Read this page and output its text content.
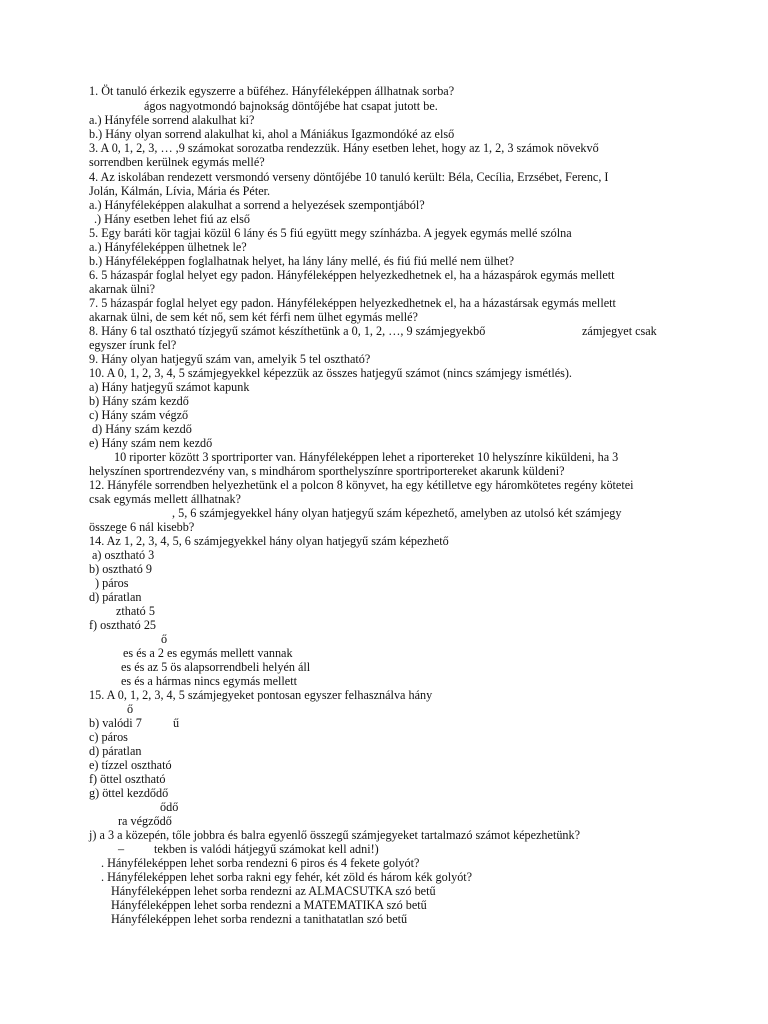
1. Öt tanuló érkezik egyszerre a büféhez. Hányféleképpen állhatnak sorba?
ágos nagyotmondó bajnokság döntőjébe hat csapat jutott be.
a.) Hányféle sorrend alakulhat ki?
b.) Hány olyan sorrend alakulhat ki, ahol a Mániákus Igazmondóké az első
3. A 0, 1, 2, 3, … ,9 számokat sorozatba rendezzük. Hány esetben lehet, hogy az 1, 2, 3 számok növekvő
sorrendben kerülnek egymás mellé?
4. Az iskolában rendezett versmondó verseny döntőjébe 10 tanuló került: Béla, Cecília, Erzsébet, Ferenc, I
Jolán, Kálmán, Lívia, Mária és Péter.
a.) Hányféleképpen alakulhat a sorrend a helyezések szempontjából?
.) Hány esetben lehet fiú az első
5. Egy baráti kör tagjai közül 6 lány és 5 fiú együtt megy színházba. A jegyek egymás mellé szólna
a.) Hányféleképpen ülhetnek le?
b.) Hányféleképpen foglalhatnak helyet, ha lány lány mellé, és fiú fiú mellé nem ülhet?
6. 5 házaspár foglal helyet egy padon. Hányféleképpen helyezkedhetnek el, ha a házaspárok egymás mellett
akarnak ülni?
7. 5 házaspár foglal helyet egy padon. Hányféleképpen helyezkedhetnek el, ha a házastársak egymás mellett
akarnak ülni, de sem két nő, sem két férfi nem ülhet egymás mellé?
8. Hány 6 tal osztható tízjegyű számot készíthetünk a 0, 1, 2, …, 9 számjegyekbő	zámjegyet csak
egyszer írunk fel?
9. Hány olyan hatjegyű szám van, amelyik 5 tel osztható?
10. A 0, 1, 2, 3, 4, 5 számjegyekkel képezzük az összes hatjegyű számot (nincs számjegy ismétlés).
a) Hány hatjegyű számot kapunk
b) Hány szám kezdő
c) Hány szám végző
d) Hány szám kezdő
e) Hány szám nem kezdő
10 riporter között 3 sportriporter van. Hányféleképpen lehet a riportereket 10 helyszínre kiküldeni, ha 3
helyszínen sportrendezvény van, s mindhárom sporthelyszínre sportriportereket akarunk küldeni?
12. Hányféle sorrendben helyezhetünk el a polcon 8 könyvet, ha egy kétilletve egy háromkötetes regény kötetei
csak egymás mellett állhatnak?
, 5, 6 számjegyekkel hány olyan hatjegyű szám képezhető, amelyben az utolsó két számjegy
összege 6 nál kisebb?
14. Az 1, 2, 3, 4, 5, 6 számjegyekkel hány olyan hatjegyű szám képezhető
a) osztható 3
b) osztható 9
) páros
d) páratlan
ztható 5
f) osztható 25
ő
es és a 2 es egymás mellett vannak
es és az 5 ös alapsorrendbeli helyén áll
es és a hármas nincs egymás mellett
15. A 0, 1, 2, 3, 4, 5 számjegyeket pontosan egyszer felhasználva hány
ő
b) valódi 7	ű
c) páros
d) páratlan
e) tízzel osztható
f) öttel osztható
g) öttel kezdődő
ődő
ra végződő
j) a 3 a közepén, tőle jobbra és balra egyenlő összegű számjegyeket tartalmazó számot képezhetünk?
– tekben is valódi hátjegyű számokat kell adni!)
. Hányféleképpen lehet sorba rendezni 6 piros és 4 fekete golyót?
. Hányféleképpen lehet sorba rakni egy fehér, két zöld és három kék golyót?
Hányféleképpen lehet sorba rendezni az ALMACSUTKA szó betű
Hányféleképpen lehet sorba rendezni a MATEMATIKA szó betű
Hányféleképpen lehet sorba rendezni a tanithatatlan szó betű
